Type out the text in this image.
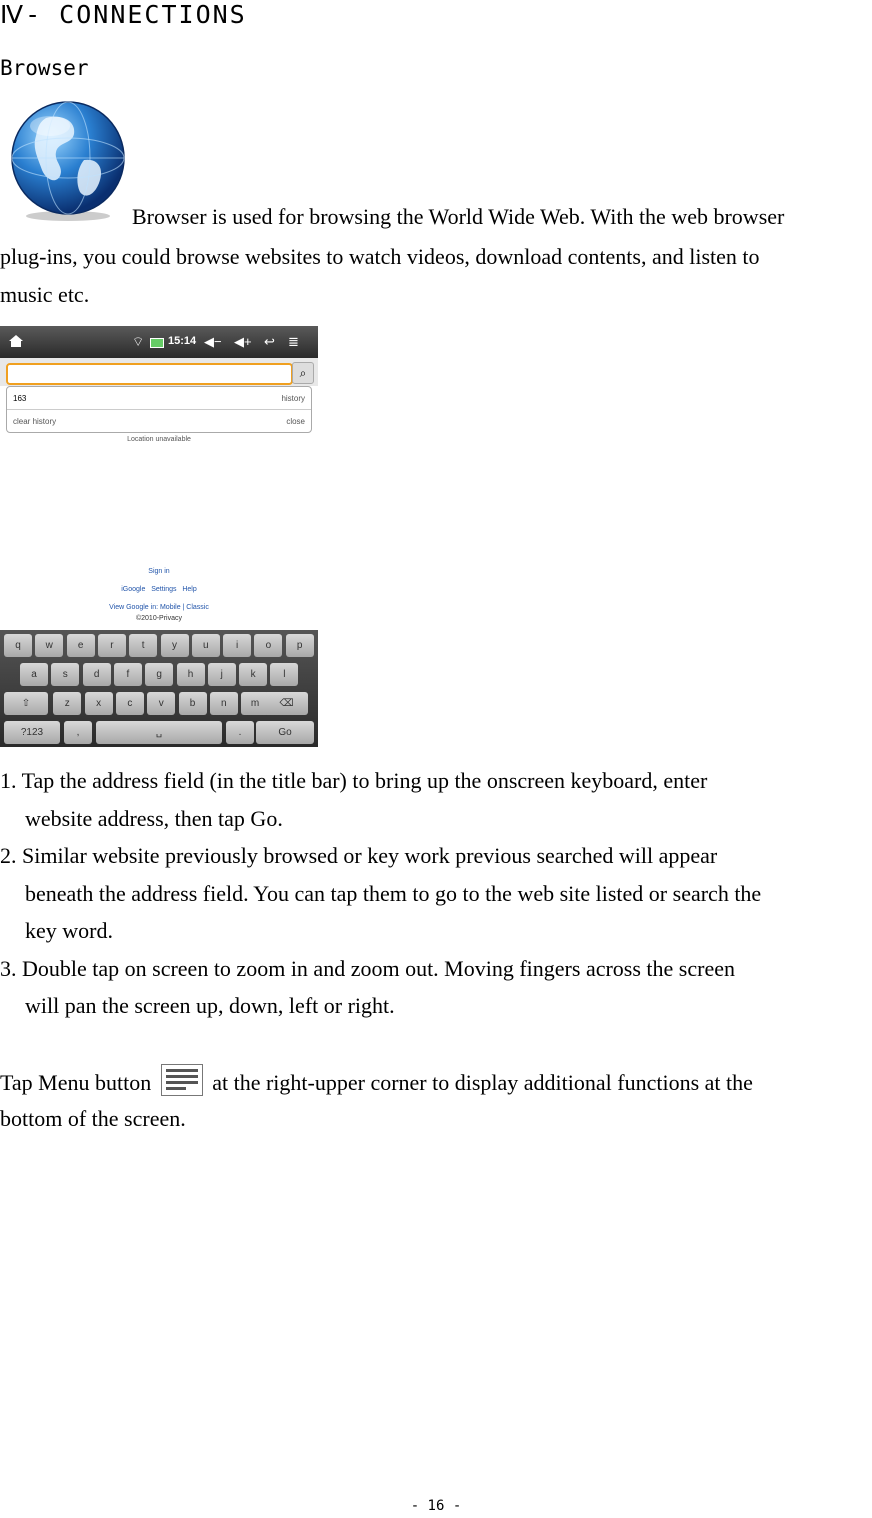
Ⅳ- CONNECTIONS
Browser
Browser is used for browsing the World Wide Web. With the web browser
plug-ins, you could browse websites to watch videos, download contents, and listen to
music etc.
⌔ 15:14 ◀− ◀+ ↩ ≣
⌕
163	history
clear history	close
Location unavailable
Sign in
iGoogle   Settings   Help
View Google in: Mobile | Classic
©2010-Privacy
q	w	e	r	t	y	u	i	o	p
a	s	d	f	g	h	j	k	l
⇧	z	x	c	v	b	n	m	⌫
?123	,	␣	.	Go
1. Tap the address field (in the title bar) to bring up the onscreen keyboard, enter
website address, then tap Go.
2. Similar website previously browsed or key work previous searched will appear
beneath the address field. You can tap them to go to the web site listed or search the
key word.
3. Double tap on screen to zoom in and zoom out. Moving fingers across the screen
will pan the screen up, down, left or right.
Tap Menu button	at the right-upper corner to display additional functions at the
bottom of the screen.
- 16 -
